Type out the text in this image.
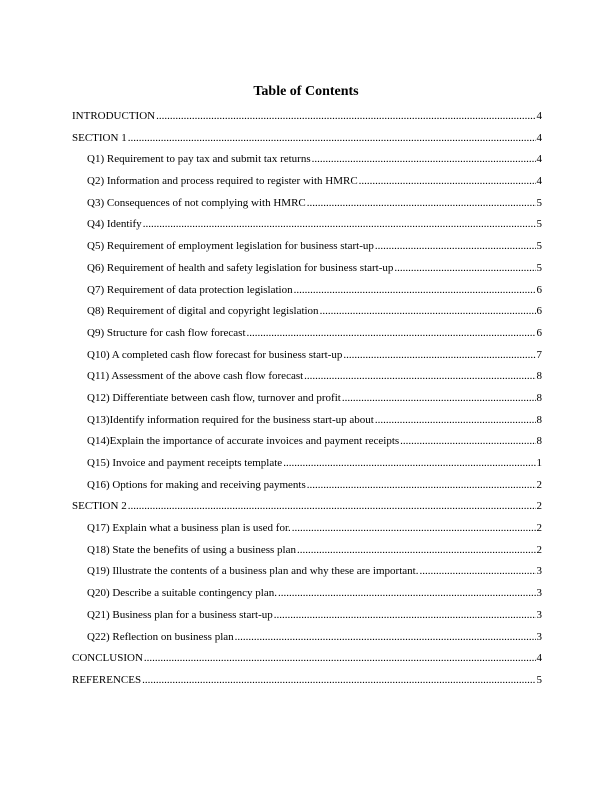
Table of Contents
INTRODUCTION .....	4
SECTION 1 .....	4
Q1) Requirement to pay tax and submit tax returns .....	4
Q2) Information and process required to register with HMRC .....	4
Q3) Consequences of not complying with HMRC .....	5
Q4) Identify .....	5
Q5) Requirement of employment legislation for business start-up .....	5
Q6) Requirement of health and safety legislation for business start-up .....	5
Q7) Requirement of data protection legislation .....	6
Q8) Requirement of digital and copyright legislation .....	6
Q9) Structure for cash flow forecast .....	6
Q10) A completed cash flow forecast for business start-up .....	7
Q11) Assessment of the above cash flow forecast .....	8
Q12) Differentiate between cash flow, turnover and profit .....	8
Q13)Identify information required for the business start-up about .....	8
Q14)Explain the importance of accurate invoices and payment receipts .....	8
Q15) Invoice and payment receipts template .....	1
Q16) Options for making and receiving payments .....	2
SECTION 2 .....	2
Q17) Explain what a business plan is used for. .....	2
Q18) State the benefits of using a business plan .....	2
Q19) Illustrate the contents of a business plan and why these are important. .....	3
Q20) Describe a suitable contingency plan. .....	3
Q21) Business plan for a business start-up .....	3
Q22) Reflection on business plan .....	3
CONCLUSION .....	4
REFERENCES .....	5
